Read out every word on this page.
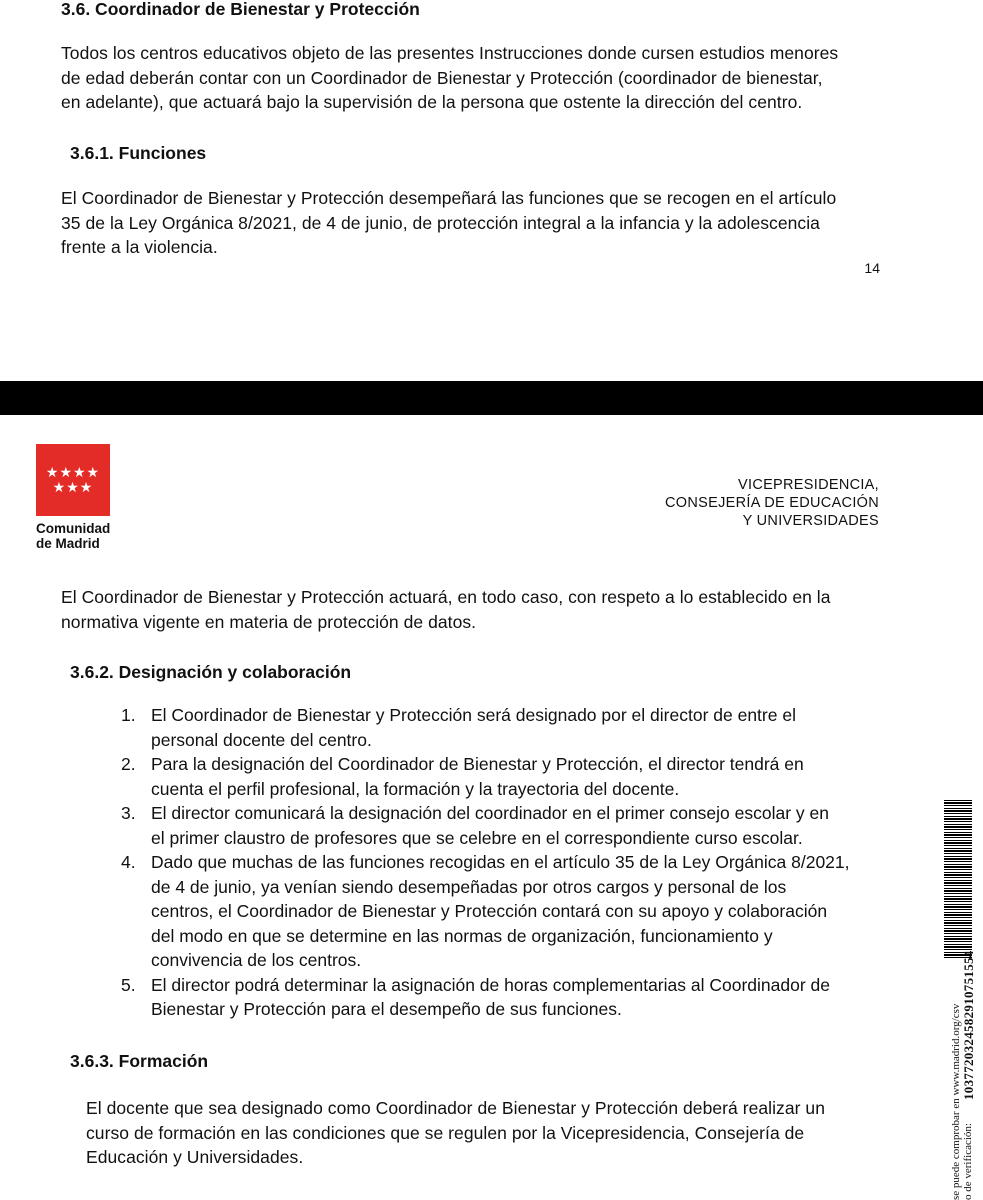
3.6. Coordinador de Bienestar y Protección
Todos los centros educativos objeto de las presentes Instrucciones donde cursen estudios menores
de edad deberán contar con un Coordinador de Bienestar y Protección (coordinador de bienestar,
en adelante), que actuará bajo la supervisión de la persona que ostente la dirección del centro.
3.6.1. Funciones
El Coordinador de Bienestar y Protección desempeñará las funciones que se recogen en el artículo
35 de la Ley Orgánica 8/2021, de 4 de junio, de protección integral a la infancia y la adolescencia
frente a la violencia.
14
★★★★
★★★
Comunidad
de Madrid
VICEPRESIDENCIA,
CONSEJERÍA DE EDUCACIÓN
Y UNIVERSIDADES
El Coordinador de Bienestar y Protección actuará, en todo caso, con respeto a lo establecido en la
normativa vigente en materia de protección de datos.
3.6.2. Designación y colaboración
1. El Coordinador de Bienestar y Protección será designado por el director de entre el
personal docente del centro.
2. Para la designación del Coordinador de Bienestar y Protección, el director tendrá en
cuenta el perfil profesional, la formación y la trayectoria del docente.
3. El director comunicará la designación del coordinador en el primer consejo escolar y en
el primer claustro de profesores que se celebre en el correspondiente curso escolar.
4. Dado que muchas de las funciones recogidas en el artículo 35 de la Ley Orgánica 8/2021,
de 4 de junio, ya venían siendo desempeñadas por otros cargos y personal de los
centros, el Coordinador de Bienestar y Protección contará con su apoyo y colaboración
del modo en que se determine en las normas de organización, funcionamiento y
convivencia de los centros.
5. El director podrá determinar la asignación de horas complementarias al Coordinador de
Bienestar y Protección para el desempeño de sus funciones.
3.6.3. Formación
El docente que sea designado como Coordinador de Bienestar y Protección deberá realizar un
curso de formación en las condiciones que se regulen por la Vicepresidencia, Consejería de
Educación y Universidades.	se puede comprobar en www.madrid.org/csv o de verificación:
1037720324582910751554
